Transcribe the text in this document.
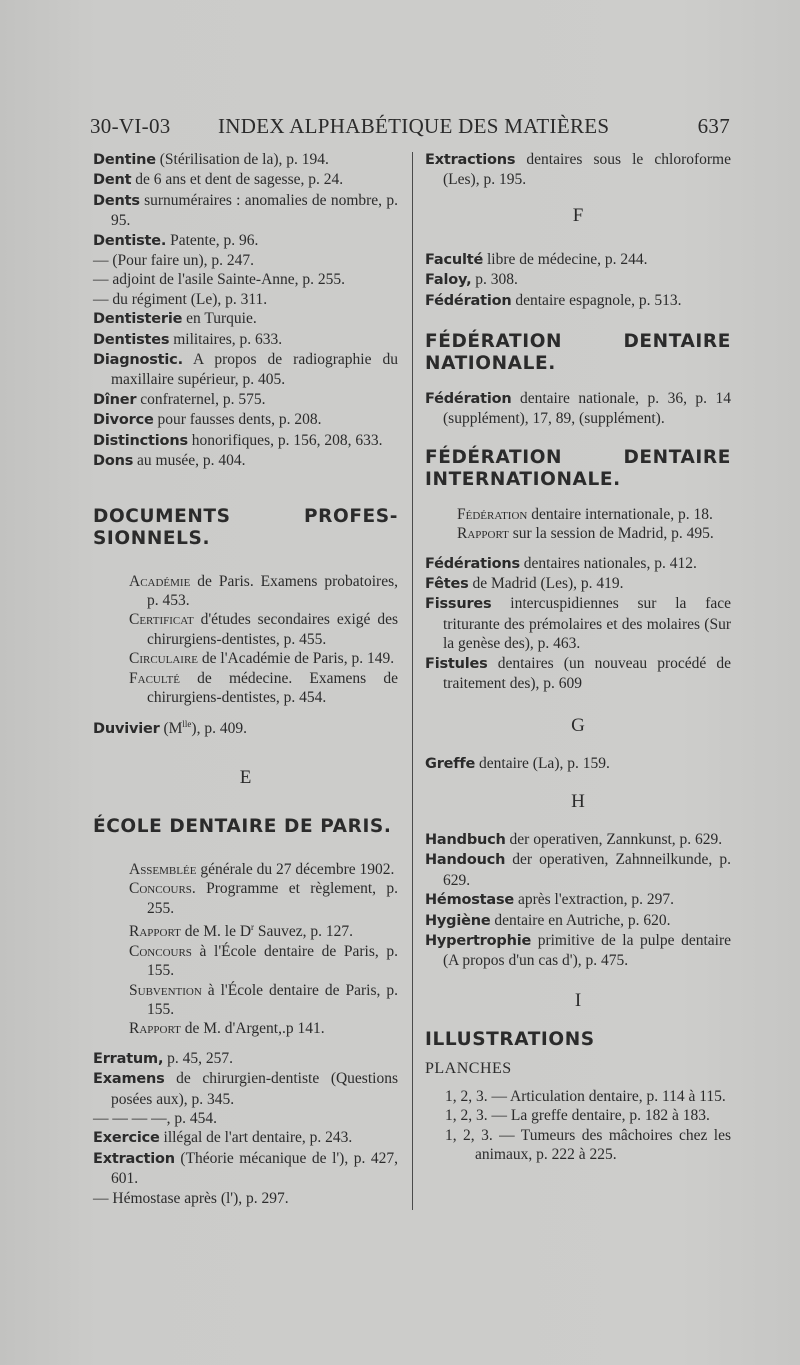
30-VI-03 INDEX ALPHABÉTIQUE DES MATIÈRES	637
Dentine (Stérilisation de la), p. 194.
Dent de 6 ans et dent de sagesse, p. 24.
Dents surnuméraires : anomalies de nombre, p. 95.
Dentiste. Patente, p. 96.
— (Pour faire un), p. 247.
— adjoint de l'asile Sainte-Anne, p. 255.
— du régiment (Le), p. 311.
Dentisterie en Turquie.
Dentistes militaires, p. 633.
Diagnostic. A propos de radiographie du maxillaire supérieur, p. 405.
Dîner confraternel, p. 575.
Divorce pour fausses dents, p. 208.
Distinctions honorifiques, p. 156, 208, 633.
Dons au musée, p. 404.
DOCUMENTS PROFES-SIONNELS.
Académie de Paris. Examens probatoires, p. 453.
Certificat d'études secondaires exigé des chirurgiens-dentistes, p. 455.
Circulaire de l'Académie de Paris, p. 149.
Faculté de médecine. Examens de chirurgiens-dentistes, p. 454.
Duvivier $(M^{lle})$, p. 409.
E
ÉCOLE DENTAIRE DE PARIS.
Assemblée générale du 27 décembre 1902.
Concours. Programme et règlement, p. 255.
Rapport de M. le $D^r$ Sauvez, p. 127.
Concours à l'École dentaire de Paris, p. 155.
Subvention à l'École dentaire de Paris, p. 155.
Rapport de M. d'Argent,.p 141.
Erratum, p. 45, 257.
Examens de chirurgien-dentiste (Questions posées aux), p. 345.
— — — —, p. 454.
Exercice illégal de l'art dentaire, p. 243.
Extraction (Théorie mécanique de l'), p. 427, 601.
— Hémostase après (l'), p. 297.
Extractions dentaires sous le chloroforme (Les), p. 195.
F
Faculté libre de médecine, p. 244.
Faloy, p. 308.
Fédération dentaire espagnole, p. 513.
FÉDÉRATION DENTAIRE NATIONALE.
Fédération dentaire nationale, p. 36, p. 14 (supplément), 17, 89, (supplément).
FÉDÉRATION DENTAIRE INTERNATIONALE.
Fédération dentaire internationale, p. 18.
Rapport sur la session de Madrid, p. 495.
Fédérations dentaires nationales, p. 412.
Fêtes de Madrid (Les), p. 419.
Fissures intercuspidiennes sur la face triturante des prémolaires et des molaires (Sur la genèse des), p. 463.
Fistules dentaires (un nouveau procédé de traitement des), p. 609
G
Greffe dentaire (La), p. 159.
H
Handbuch der operativen, Zannkunst, p. 629.
Handouch der operativen, Zahnneilkunde, p. 629.
Hémostase après l'extraction, p. 297.
Hygiène dentaire en Autriche, p. 620.
Hypertrophie primitive de la pulpe dentaire (A propos d'un cas d'), p. 475.
I
ILLUSTRATIONS
PLANCHES
1, 2, 3. — Articulation dentaire, p. 114 à 115.
1, 2, 3. — La greffe dentaire, p. 182 à 183.
1, 2, 3. — Tumeurs des mâchoires chez les animaux, p. 222 à 225.
